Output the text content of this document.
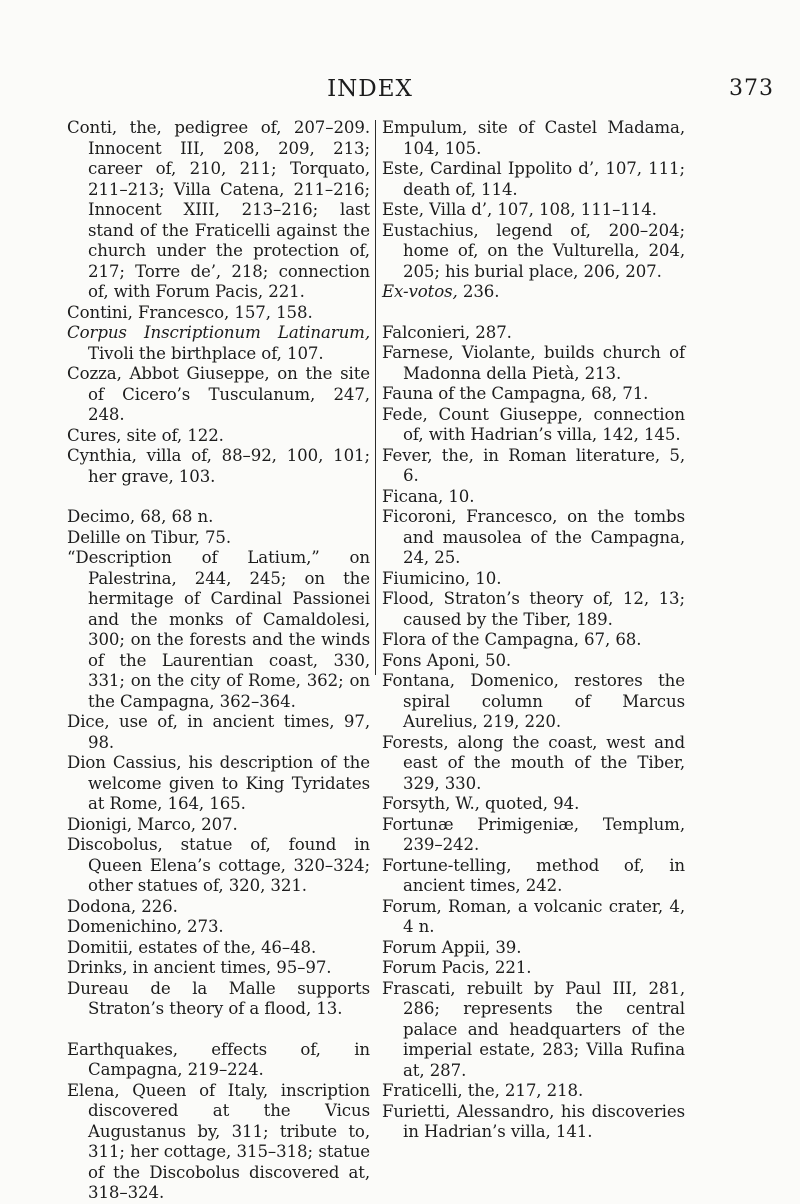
INDEX	373

Conti, the, pedigree of, 207–209. Innocent III, 208, 209, 213; career of, 210, 211; Torquato, 211–213; Villa Catena, 211–216; Innocent XIII, 213–216; last stand of the Fraticelli against the church under the protection of, 217; Torre de’, 218; connection of, with Forum Pacis, 221.

Contini, Francesco, 157, 158.

Corpus Inscriptionum Latinarum, Tivoli the birthplace of, 107.

Cozza, Abbot Giuseppe, on the site of Cicero’s Tusculanum, 247, 248.

Cures, site of, 122.

Cynthia, villa of, 88–92, 100, 101; her grave, 103.

Decimo, 68, 68 n.

Delille on Tibur, 75.

“Description of Latium,” on Palestrina, 244, 245; on the hermitage of Cardinal Passionei and the monks of Camaldolesi, 300; on the forests and the winds of the Laurentian coast, 330, 331; on the city of Rome, 362; on the Campagna, 362–364.

Dice, use of, in ancient times, 97, 98.

Dion Cassius, his description of the welcome given to King Tyridates at Rome, 164, 165.

Dionigi, Marco, 207.

Discobolus, statue of, found in Queen Elena’s cottage, 320–324; other statues of, 320, 321.

Dodona, 226.

Domenichino, 273.

Domitii, estates of the, 46–48.

Drinks, in ancient times, 95–97.

Dureau de la Malle supports Straton’s theory of a flood, 13.

Earthquakes, effects of, in Campagna, 219–224.

Elena, Queen of Italy, inscription discovered at the Vicus Augustanus by, 311; tribute to, 311; her cottage, 315–318; statue of the Discobolus discovered at, 318–324.

Empulum, site of Castel Madama, 104, 105.

Este, Cardinal Ippolito d’, 107, 111; death of, 114.

Este, Villa d’, 107, 108, 111–114.

Eustachius, legend of, 200–204; home of, on the Vulturella, 204, 205; his burial place, 206, 207.

Ex-votos, 236.

Falconieri, 287.

Farnese, Violante, builds church of Madonna della Pietà, 213.

Fauna of the Campagna, 68, 71.

Fede, Count Giuseppe, connection of, with Hadrian’s villa, 142, 145.

Fever, the, in Roman literature, 5, 6.

Ficana, 10.

Ficoroni, Francesco, on the tombs and mausolea of the Campagna, 24, 25.

Fiumicino, 10.

Flood, Straton’s theory of, 12, 13; caused by the Tiber, 189.

Flora of the Campagna, 67, 68.

Fons Aponi, 50.

Fontana, Domenico, restores the spiral column of Marcus Aurelius, 219, 220.

Forests, along the coast, west and east of the mouth of the Tiber, 329, 330.

Forsyth, W., quoted, 94.

Fortunæ Primigeniæ, Templum, 239–242.

Fortune-telling, method of, in ancient times, 242.

Forum, Roman, a volcanic crater, 4, 4 n.

Forum Appii, 39.

Forum Pacis, 221.

Frascati, rebuilt by Paul III, 281, 286; represents the central palace and headquarters of the imperial estate, 283; Villa Rufina at, 287.

Fraticelli, the, 217, 218.

Furietti, Alessandro, his discoveries in Hadrian’s villa, 141.
